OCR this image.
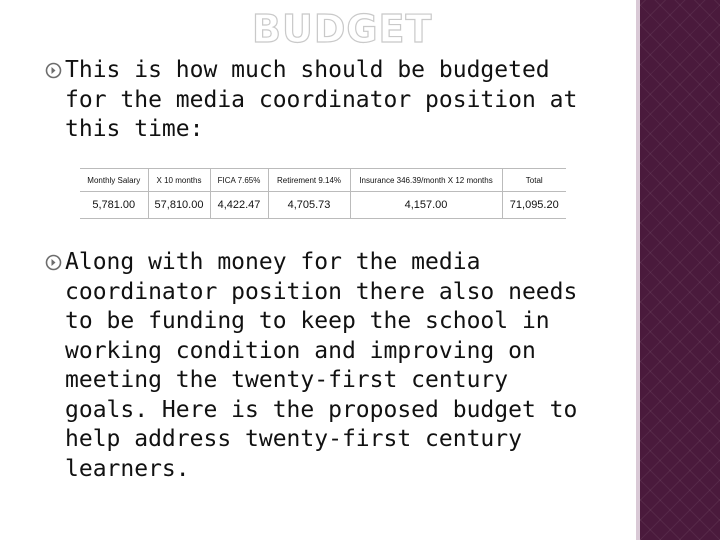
BUDGET
This is how much should be budgeted for the media coordinator position at this time:
Monthly Salary	X 10 months	FICA 7.65%	Retirement 9.14%	Insurance 346.39/month X 12 months	Total
5,781.00	57,810.00	4,422.47	4,705.73	4,157.00	71,095.20
Along with money for the media coordinator position there also needs to be funding to keep the school in working condition and improving on meeting the twenty-first century goals. Here is the proposed budget to help address twenty-first century learners.
